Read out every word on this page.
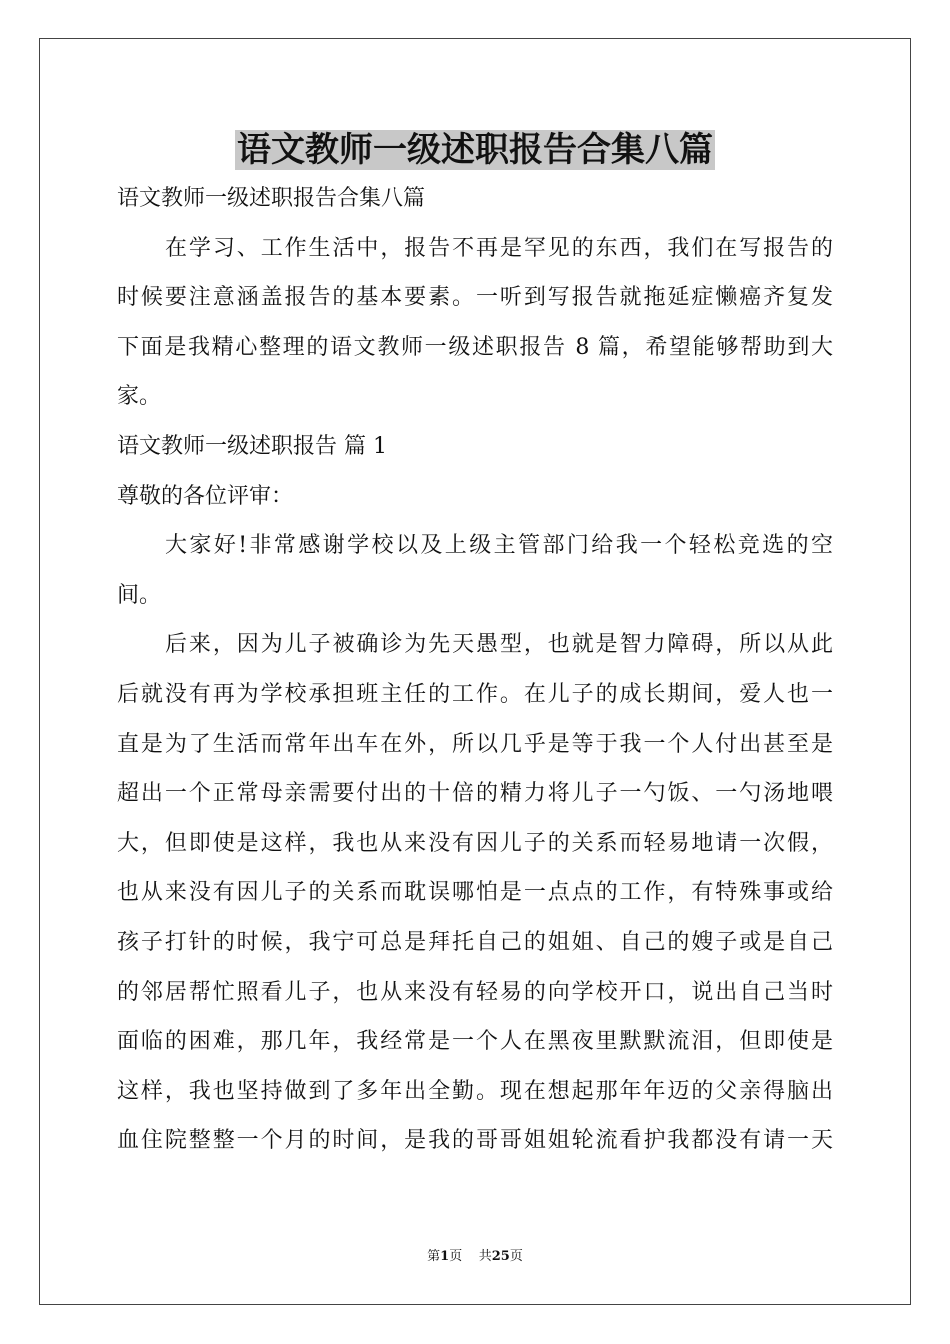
语文教师一级述职报告合集八篇
语文教师一级述职报告合集八篇
在学习、工作生活中，报告不再是罕见的东西，我们在写报告的
时候要注意涵盖报告的基本要素。一听到写报告就拖延症懒癌齐复发
下面是我精心整理的语文教师一级述职报告 8 篇，希望能够帮助到大
家。
语文教师一级述职报告 篇 1
尊敬的各位评审：
大家好!非常感谢学校以及上级主管部门给我一个轻松竞选的空
间。
后来，因为儿子被确诊为先天愚型，也就是智力障碍，所以从此
后就没有再为学校承担班主任的工作。在儿子的成长期间，爱人也一
直是为了生活而常年出车在外，所以几乎是等于我一个人付出甚至是
超出一个正常母亲需要付出的十倍的精力将儿子一勺饭、一勺汤地喂
大，但即使是这样，我也从来没有因儿子的关系而轻易地请一次假，
也从来没有因儿子的关系而耽误哪怕是一点点的工作，有特殊事或给
孩子打针的时候，我宁可总是拜托自己的姐姐、自己的嫂子或是自己
的邻居帮忙照看儿子，也从来没有轻易的向学校开口，说出自己当时
面临的困难，那几年，我经常是一个人在黑夜里默默流泪，但即使是
这样，我也坚持做到了多年出全勤。现在想起那年年迈的父亲得脑出
血住院整整一个月的时间，是我的哥哥姐姐轮流看护我都没有请一天
第1页 共25页
